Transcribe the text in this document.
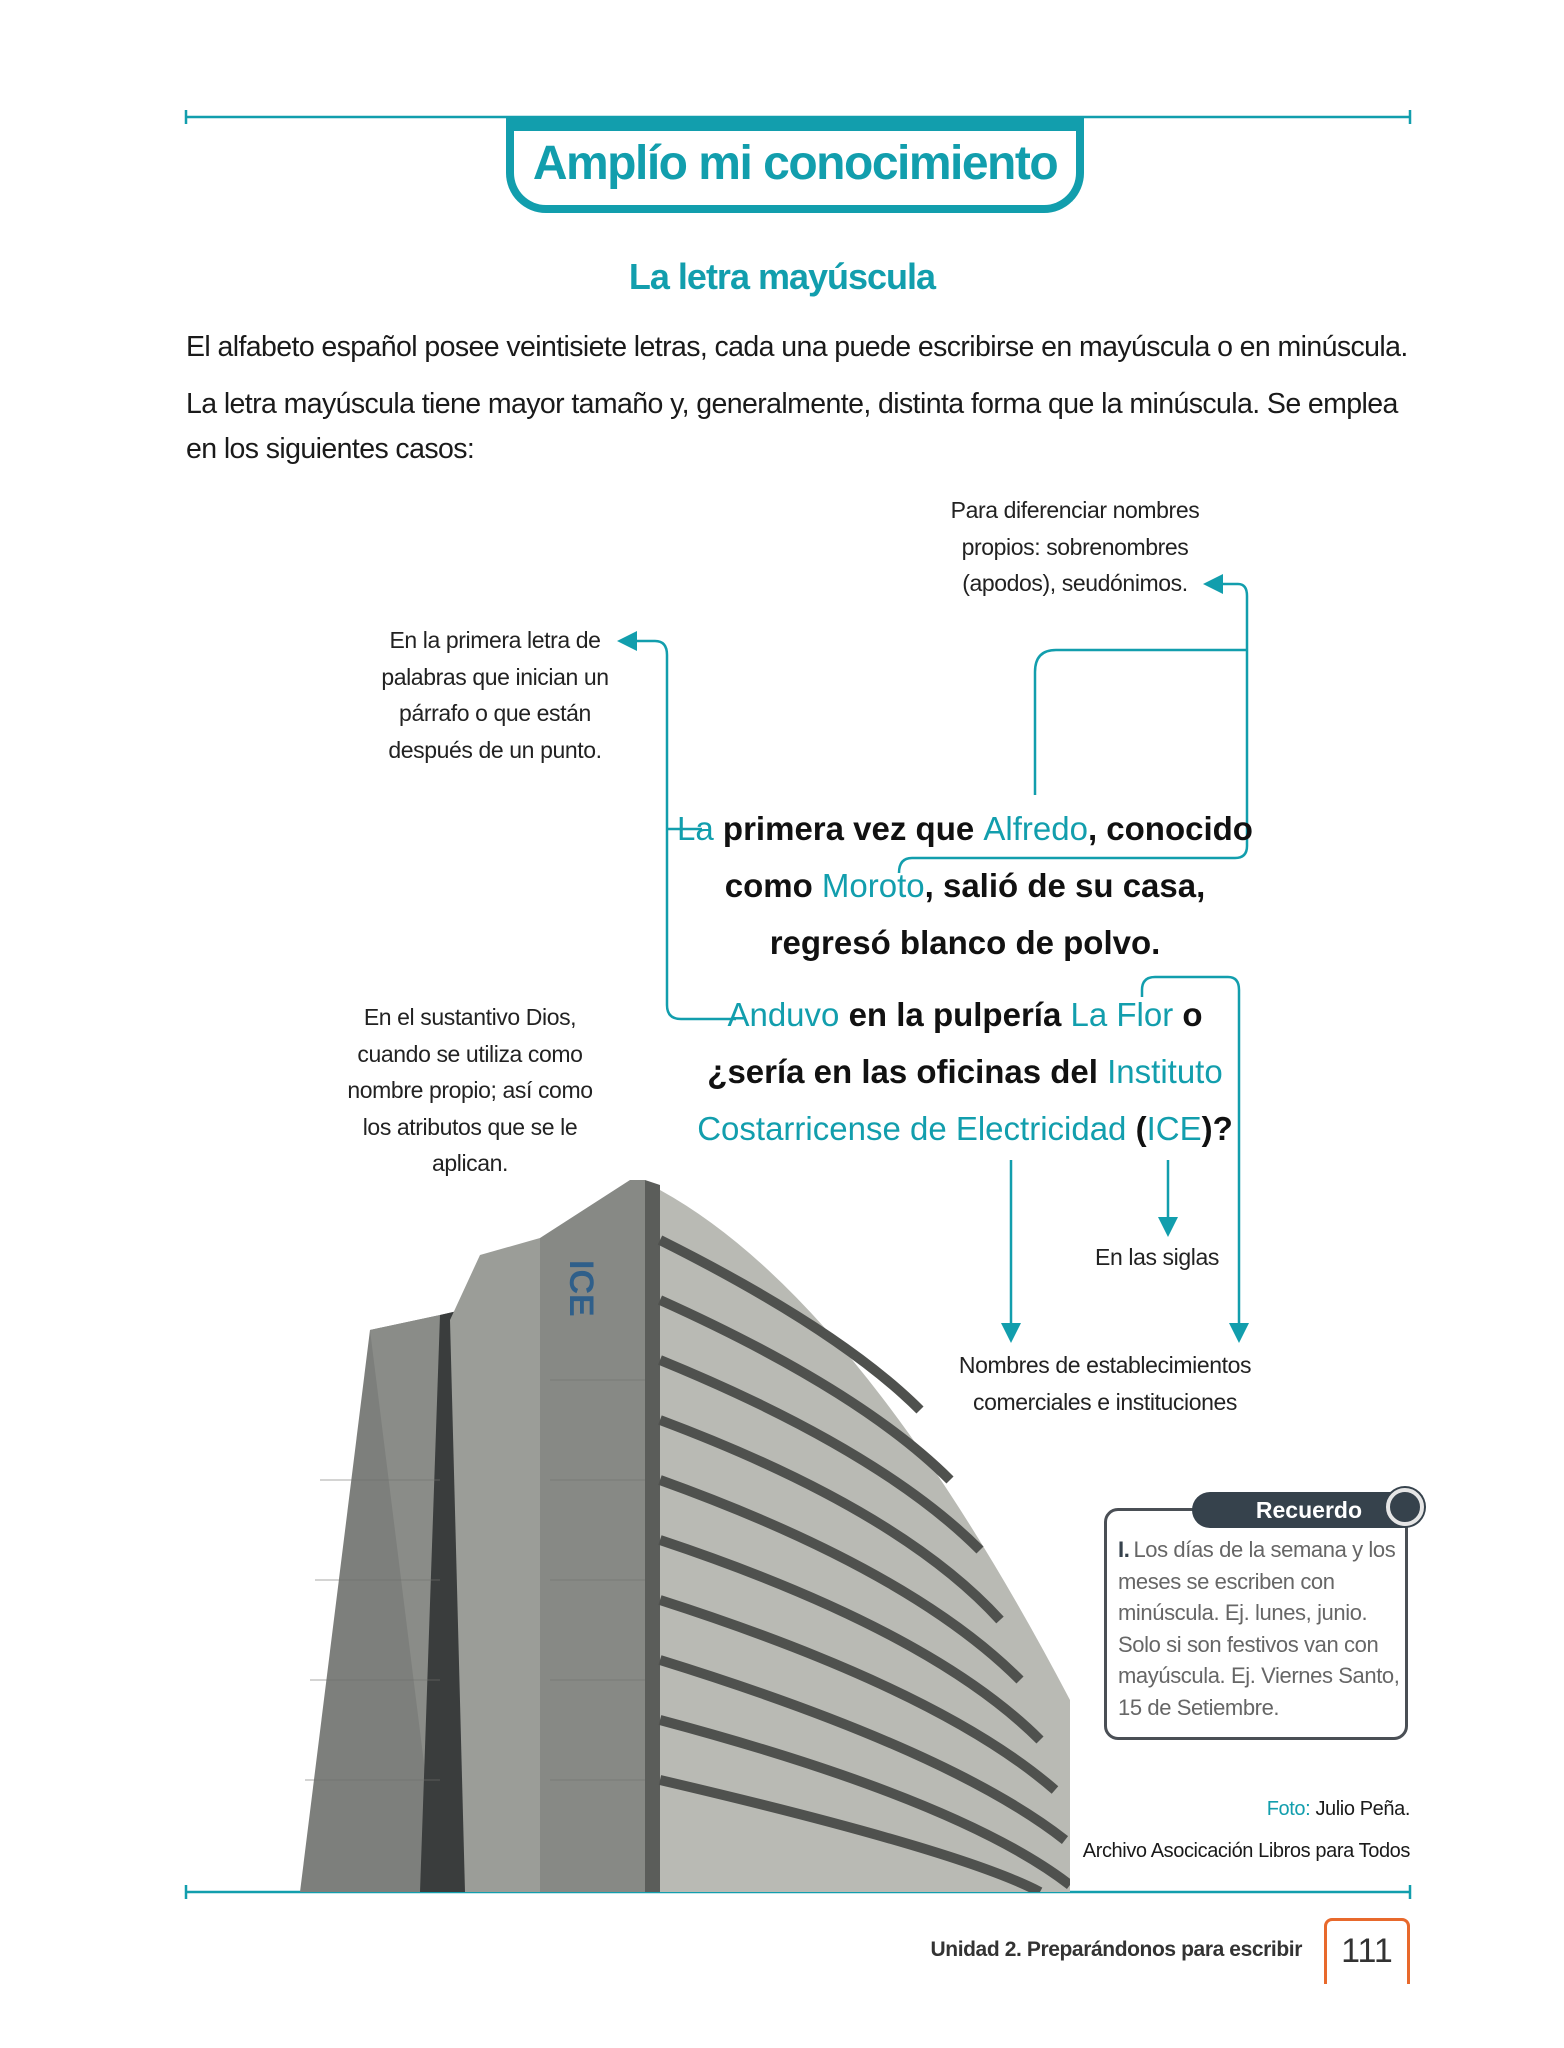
Amplío mi conocimiento
La letra mayúscula
El alfabeto español posee veintisiete letras, cada una puede escribirse en mayúscula o en minúscula.
La letra mayúscula tiene mayor tamaño y, generalmente, distinta forma que la minúscula. Se emplea en los siguientes casos:
Para diferenciar nombres
propios: sobrenombres
(apodos), seudónimos.
En la primera letra de
palabras que inician un
párrafo o que están
después de un punto.
En el sustantivo Dios,
cuando se utiliza como
nombre propio; así como
los atributos que se le
aplican.
En las siglas
Nombres de establecimientos
comerciales e instituciones
La primera vez que Alfredo, conocido
como Moroto, salió de su casa,
regresó blanco de polvo.
Anduvo en la pulpería La Flor o
¿sería en las oficinas del Instituto
Costarricense de Electricidad (ICE)?
ICE
Recuerdo
I. Los días de la semana y los meses se escriben con minúscula. Ej. lunes, junio. Solo si son festivos van con mayúscula. Ej. Viernes Santo, 15 de Setiembre.
Foto: Julio Peña.
Archivo Asocicación Libros para Todos
Unidad 2. Preparándonos para escribir	111
